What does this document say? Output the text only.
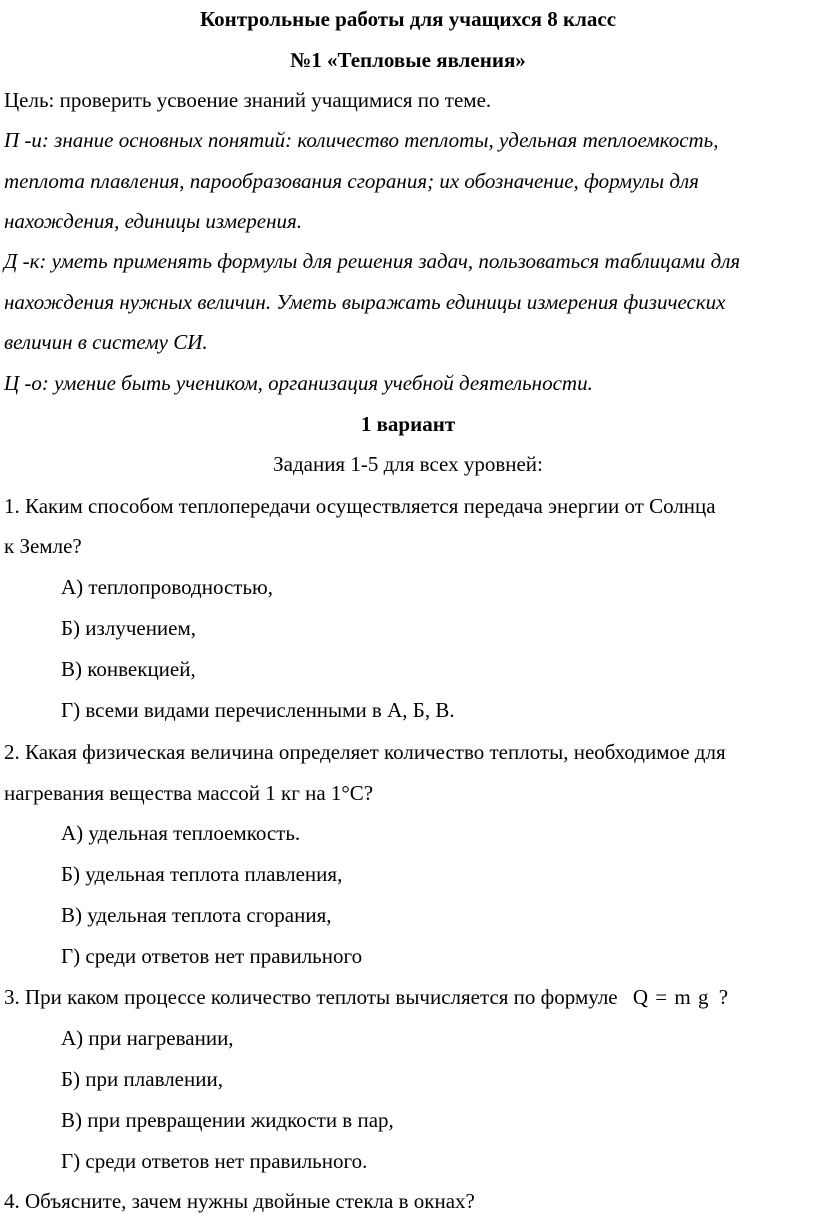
Контрольные работы для учащихся 8 класс
№1 «Тепловые явления»
Цель: проверить усвоение знаний учащимися по теме.
П -и: знание основных понятий: количество теплоты, удельная теплоемкость,
теплота плавления, парообразования сгорания; их обозначение, формулы для
нахождения, единицы измерения.
Д -к: уметь применять формулы для решения задач, пользоваться таблицами для
нахождения нужных величин. Уметь выражать единицы измерения физических
величин в систему СИ.
Ц -о: умение быть учеником, организация учебной деятельности.
1 вариант
Задания 1-5 для всех уровней:
1. Каким способом теплопередачи осуществляется передача энергии от Солнца
к Земле?
А) теплопроводностью,
Б) излучением,
В) конвекцией,
Г) всеми видами перечисленными в А, Б, В.
2. Какая физическая величина определяет количество теплоты, необходимое для
нагревания вещества массой 1 кг на 1°С?
А) удельная теплоемкость.
Б) удельная теплота плавления,
В) удельная теплота сгорания,
Г) среди ответов нет правильного
3. При каком процессе количество теплоты вычисляется по формуле Q = m g ?
А) при нагревании,
Б) при плавлении,
В) при превращении жидкости в пар,
Г) среди ответов нет правильного.
4. Объясните, зачем нужны двойные стекла в окнах?
